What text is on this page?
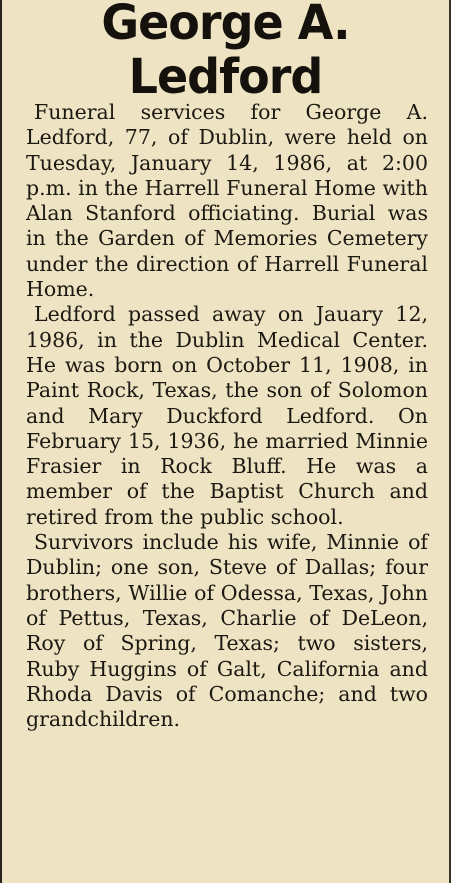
George A.
Ledford

Funeral services for George A. Ledford, 77, of Dublin, were held on Tuesday, January 14, 1986, at 2:00 p.m. in the Harrell Funeral Home with Alan Stanford officiating. Burial was in the Garden of Memories Cemetery under the direction of Harrell Funeral Home.

Ledford passed away on Jauary 12, 1986, in the Dublin Medical Center. He was born on October 11, 1908, in Paint Rock, Texas, the son of Solomon and Mary Duckford Ledford. On February 15, 1936, he married Minnie Frasier in Rock Bluff. He was a member of the Baptist Church and retired from the public school.

Survivors include his wife, Minnie of Dublin; one son, Steve of Dallas; four brothers, Willie of Odessa, Texas, John of Pettus, Texas, Charlie of DeLeon, Roy of Spring, Texas; two sisters, Ruby Huggins of Galt, California and Rhoda Davis of Comanche; and two grandchildren.
